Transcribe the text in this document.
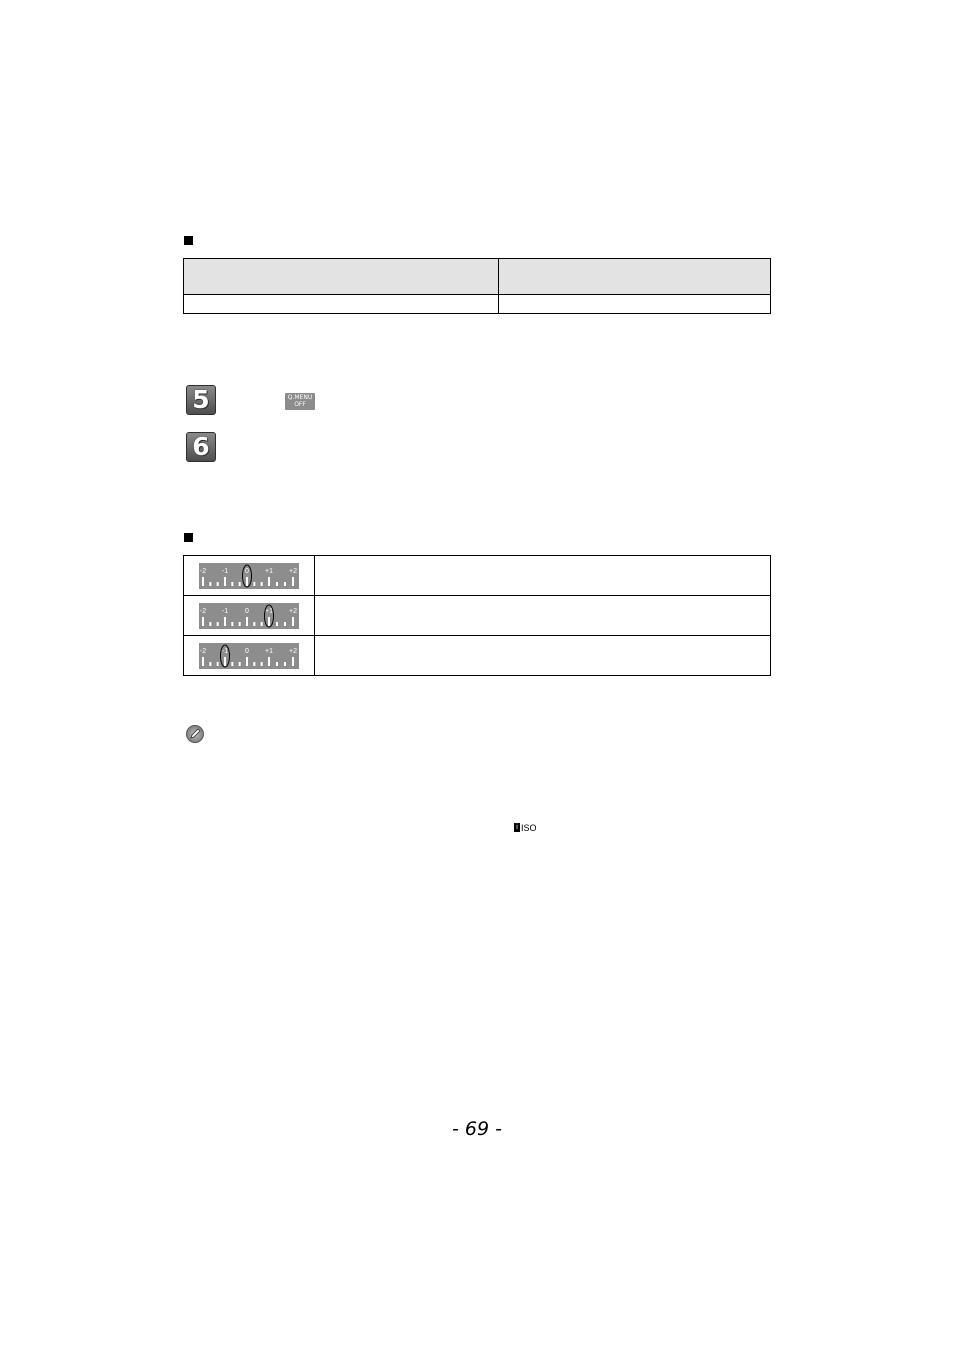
5	Q.MENU
OFF
6
-2 -1 0 +1 +2	

-2 -1 0 +1 +2	

-2 -1 0 +1 +2	

i ISO
- 69 -
